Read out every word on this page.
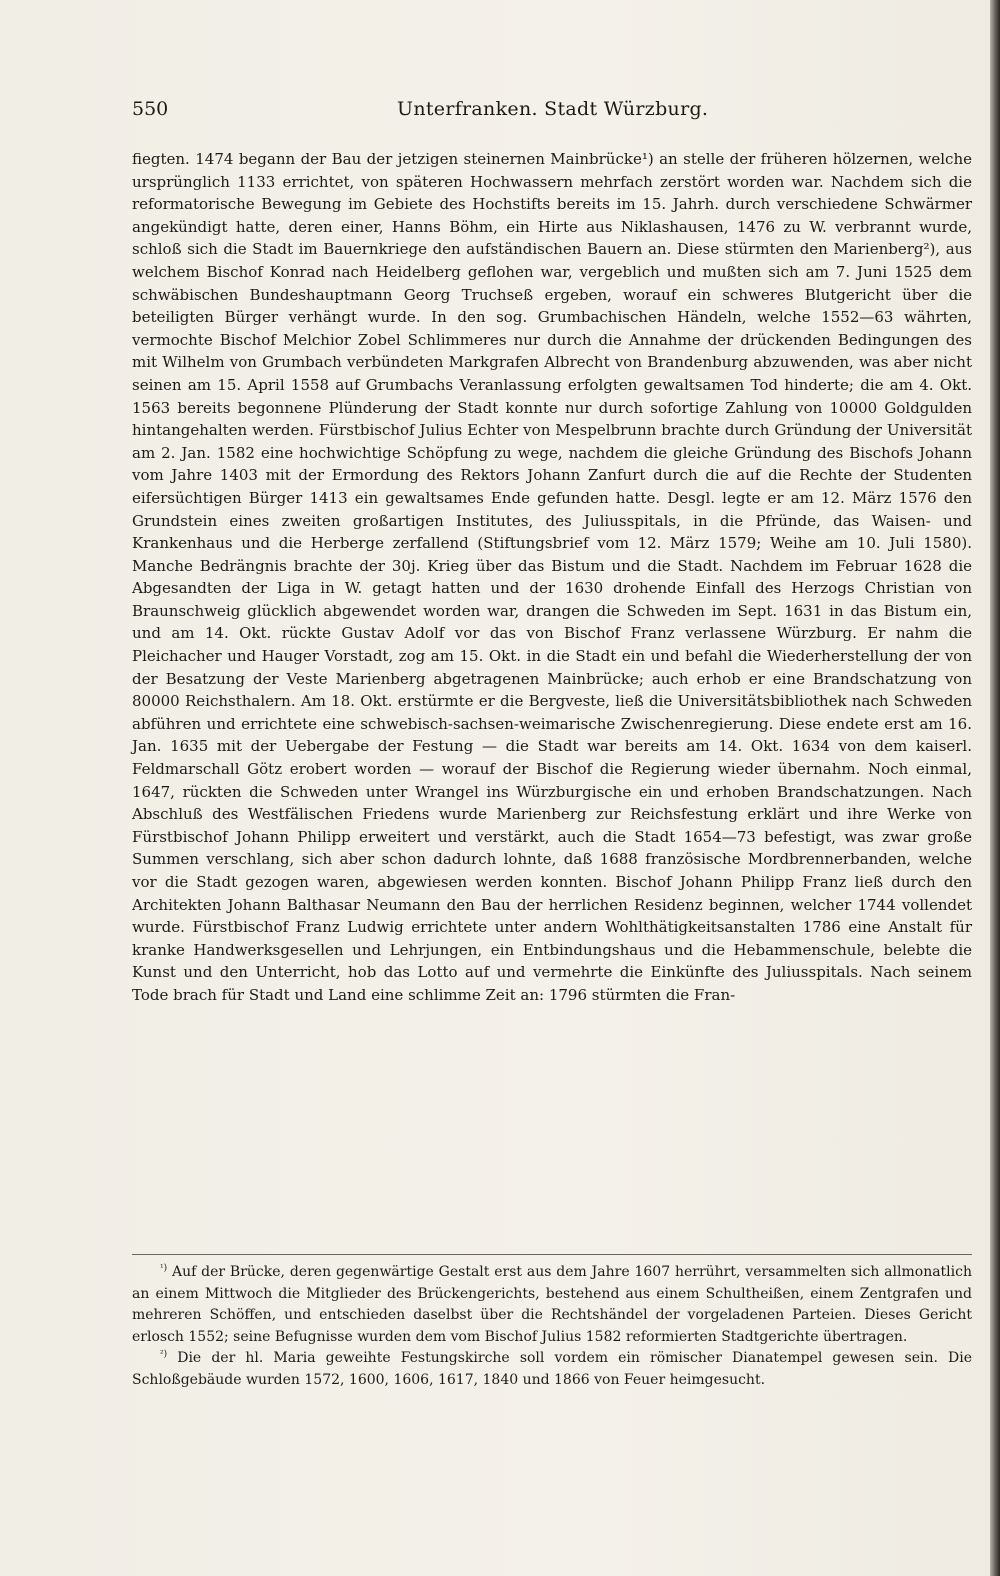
550	Unterfranken. Stadt Würzburg.

fiegten. 1474 begann der Bau der jetzigen steinernen Mainbrücke¹) an stelle der früheren hölzernen, welche ursprünglich 1133 errichtet, von späteren Hochwassern mehrfach zerstört worden war. Nachdem sich die reformatorische Bewegung im Gebiete des Hochstifts bereits im 15. Jahrh. durch verschiedene Schwärmer angekündigt hatte, deren einer, Hanns Böhm, ein Hirte aus Niklashausen, 1476 zu W. verbrannt wurde, schloß sich die Stadt im Bauernkriege den aufständischen Bauern an. Diese stürmten den Marienberg²), aus welchem Bischof Konrad nach Heidelberg geflohen war, vergeblich und mußten sich am 7. Juni 1525 dem schwäbischen Bundeshauptmann Georg Truchseß ergeben, worauf ein schweres Blutgericht über die beteiligten Bürger verhängt wurde. In den sog. Grumbachischen Händeln, welche 1552—63 währten, vermochte Bischof Melchior Zobel Schlimmeres nur durch die Annahme der drückenden Bedingungen des mit Wilhelm von Grumbach verbündeten Markgrafen Albrecht von Brandenburg abzuwenden, was aber nicht seinen am 15. April 1558 auf Grumbachs Veranlassung erfolgten gewaltsamen Tod hinderte; die am 4. Okt. 1563 bereits begonnene Plünderung der Stadt konnte nur durch sofortige Zahlung von 10000 Goldgulden hintangehalten werden. Fürstbischof Julius Echter von Mespelbrunn brachte durch Gründung der Universität am 2. Jan. 1582 eine hochwichtige Schöpfung zu wege, nachdem die gleiche Gründung des Bischofs Johann vom Jahre 1403 mit der Ermordung des Rektors Johann Zanfurt durch die auf die Rechte der Studenten eifersüchtigen Bürger 1413 ein gewaltsames Ende gefunden hatte. Desgl. legte er am 12. März 1576 den Grundstein eines zweiten großartigen Institutes, des Juliusspitals, in die Pfründe, das Waisen- und Krankenhaus und die Herberge zerfallend (Stiftungsbrief vom 12. März 1579; Weihe am 10. Juli 1580). Manche Bedrängnis brachte der 30j. Krieg über das Bistum und die Stadt. Nachdem im Februar 1628 die Abgesandten der Liga in W. getagt hatten und der 1630 drohende Einfall des Herzogs Christian von Braunschweig glücklich abgewendet worden war, drangen die Schweden im Sept. 1631 in das Bistum ein, und am 14. Okt. rückte Gustav Adolf vor das von Bischof Franz verlassene Würzburg. Er nahm die Pleichacher und Hauger Vorstadt, zog am 15. Okt. in die Stadt ein und befahl die Wiederherstellung der von der Besatzung der Veste Marienberg abgetragenen Mainbrücke; auch erhob er eine Brandschatzung von 80000 Reichsthalern. Am 18. Okt. erstürmte er die Bergveste, ließ die Universitätsbibliothek nach Schweden abführen und errichtete eine schwebisch-sachsen-weimarische Zwischenregierung. Diese endete erst am 16. Jan. 1635 mit der Uebergabe der Festung — die Stadt war bereits am 14. Okt. 1634 von dem kaiserl. Feldmarschall Götz erobert worden — worauf der Bischof die Regierung wieder übernahm. Noch einmal, 1647, rückten die Schweden unter Wrangel ins Würzburgische ein und erhoben Brandschatzungen. Nach Abschluß des Westfälischen Friedens wurde Marienberg zur Reichsfestung erklärt und ihre Werke von Fürstbischof Johann Philipp erweitert und verstärkt, auch die Stadt 1654—73 befestigt, was zwar große Summen verschlang, sich aber schon dadurch lohnte, daß 1688 französische Mordbrennerbanden, welche vor die Stadt gezogen waren, abgewiesen werden konnten. Bischof Johann Philipp Franz ließ durch den Architekten Johann Balthasar Neumann den Bau der herrlichen Residenz beginnen, welcher 1744 vollendet wurde. Fürstbischof Franz Ludwig errichtete unter andern Wohlthätigkeitsanstalten 1786 eine Anstalt für kranke Handwerksgesellen und Lehrjungen, ein Entbindungshaus und die Hebammenschule, belebte die Kunst und den Unterricht, hob das Lotto auf und vermehrte die Einkünfte des Juliusspitals. Nach seinem Tode brach für Stadt und Land eine schlimme Zeit an: 1796 stürmten die Fran-

$^{^1)}$ Auf der Brücke, deren gegenwärtige Gestalt erst aus dem Jahre 1607 herrührt, versammelten sich allmonatlich an einem Mittwoch die Mitglieder des Brückengerichts, bestehend aus einem Schultheißen, einem Zentgrafen und mehreren Schöffen, und entschieden daselbst über die Rechtshändel der vorgeladenen Parteien. Dieses Gericht erlosch 1552; seine Befugnisse wurden dem vom Bischof Julius 1582 reformierten Stadtgerichte übertragen.

$^{^2)}$ Die der hl. Maria geweihte Festungskirche soll vordem ein römischer Dianatempel gewesen sein. Die Schloßgebäude wurden 1572, 1600, 1606, 1617, 1840 und 1866 von Feuer heimgesucht.
